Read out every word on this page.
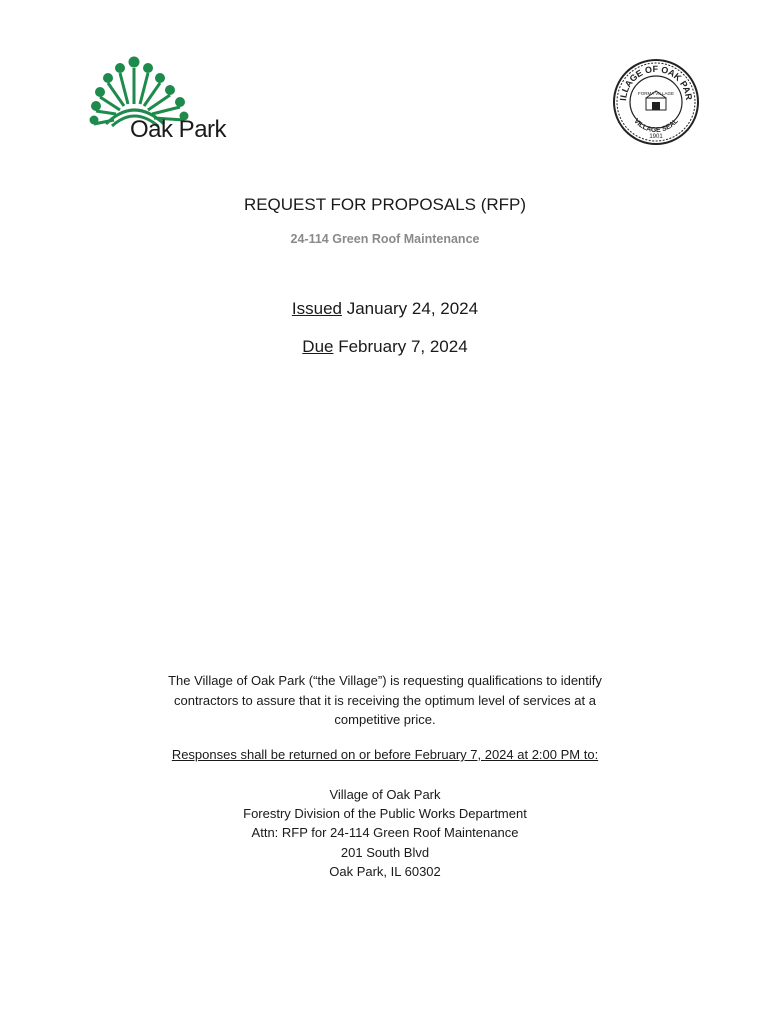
Oak Park
ILLAGE OF OAK PAR
VILLAGE SEAL
FORMA VILLAGE
1901
REQUEST FOR PROPOSALS (RFP)
24-114 Green Roof Maintenance
Issued January 24, 2024
Due February 7, 2024
The Village of Oak Park (“the Village”) is requesting qualifications to identify contractors to assure that it is receiving the optimum level of services at a competitive price.
Responses shall be returned on or before February 7, 2024 at 2:00 PM to:
Village of Oak Park
Forestry Division of the Public Works Department
Attn: RFP for 24-114 Green Roof Maintenance
201 South Blvd
Oak Park, IL 60302
